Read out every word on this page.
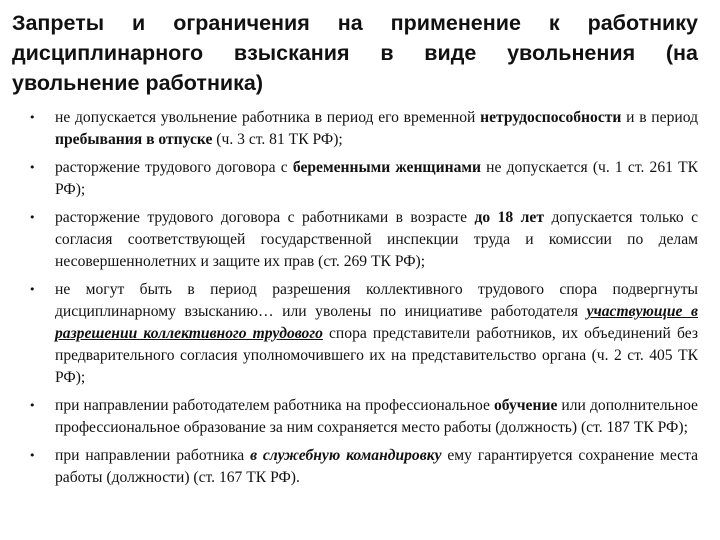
Запреты и ограничения на применение к работнику дисциплинарного взыскания в виде увольнения (на увольнение работника)
• не допускается увольнение работника в период его временной нетрудоспособности и в период пребывания в отпуске (ч. 3 ст. 81 ТК РФ);
• расторжение трудового договора с беременными женщинами не допускается (ч. 1 ст. 261 ТК РФ);
• расторжение трудового договора с работниками в возрасте до 18 лет допускается только с согласия соответствующей государственной инспекции труда и комиссии по делам несовершеннолетних и защите их прав (ст. 269 ТК РФ);
• не могут быть в период разрешения коллективного трудового спора подвергнуты дисциплинарному взысканию… или уволены по инициативе работодателя участвующие в разрешении коллективного трудового спора представители работников, их объединений без предварительного согласия уполномочившего их на представительство органа (ч. 2 ст. 405 ТК РФ);
• при направлении работодателем работника на профессиональное обучение или дополнительное профессиональное образование за ним сохраняется место работы (должность) (ст. 187 ТК РФ);
• при направлении работника в служебную командировку ему гарантируется сохранение места работы (должности) (ст. 167 ТК РФ).
